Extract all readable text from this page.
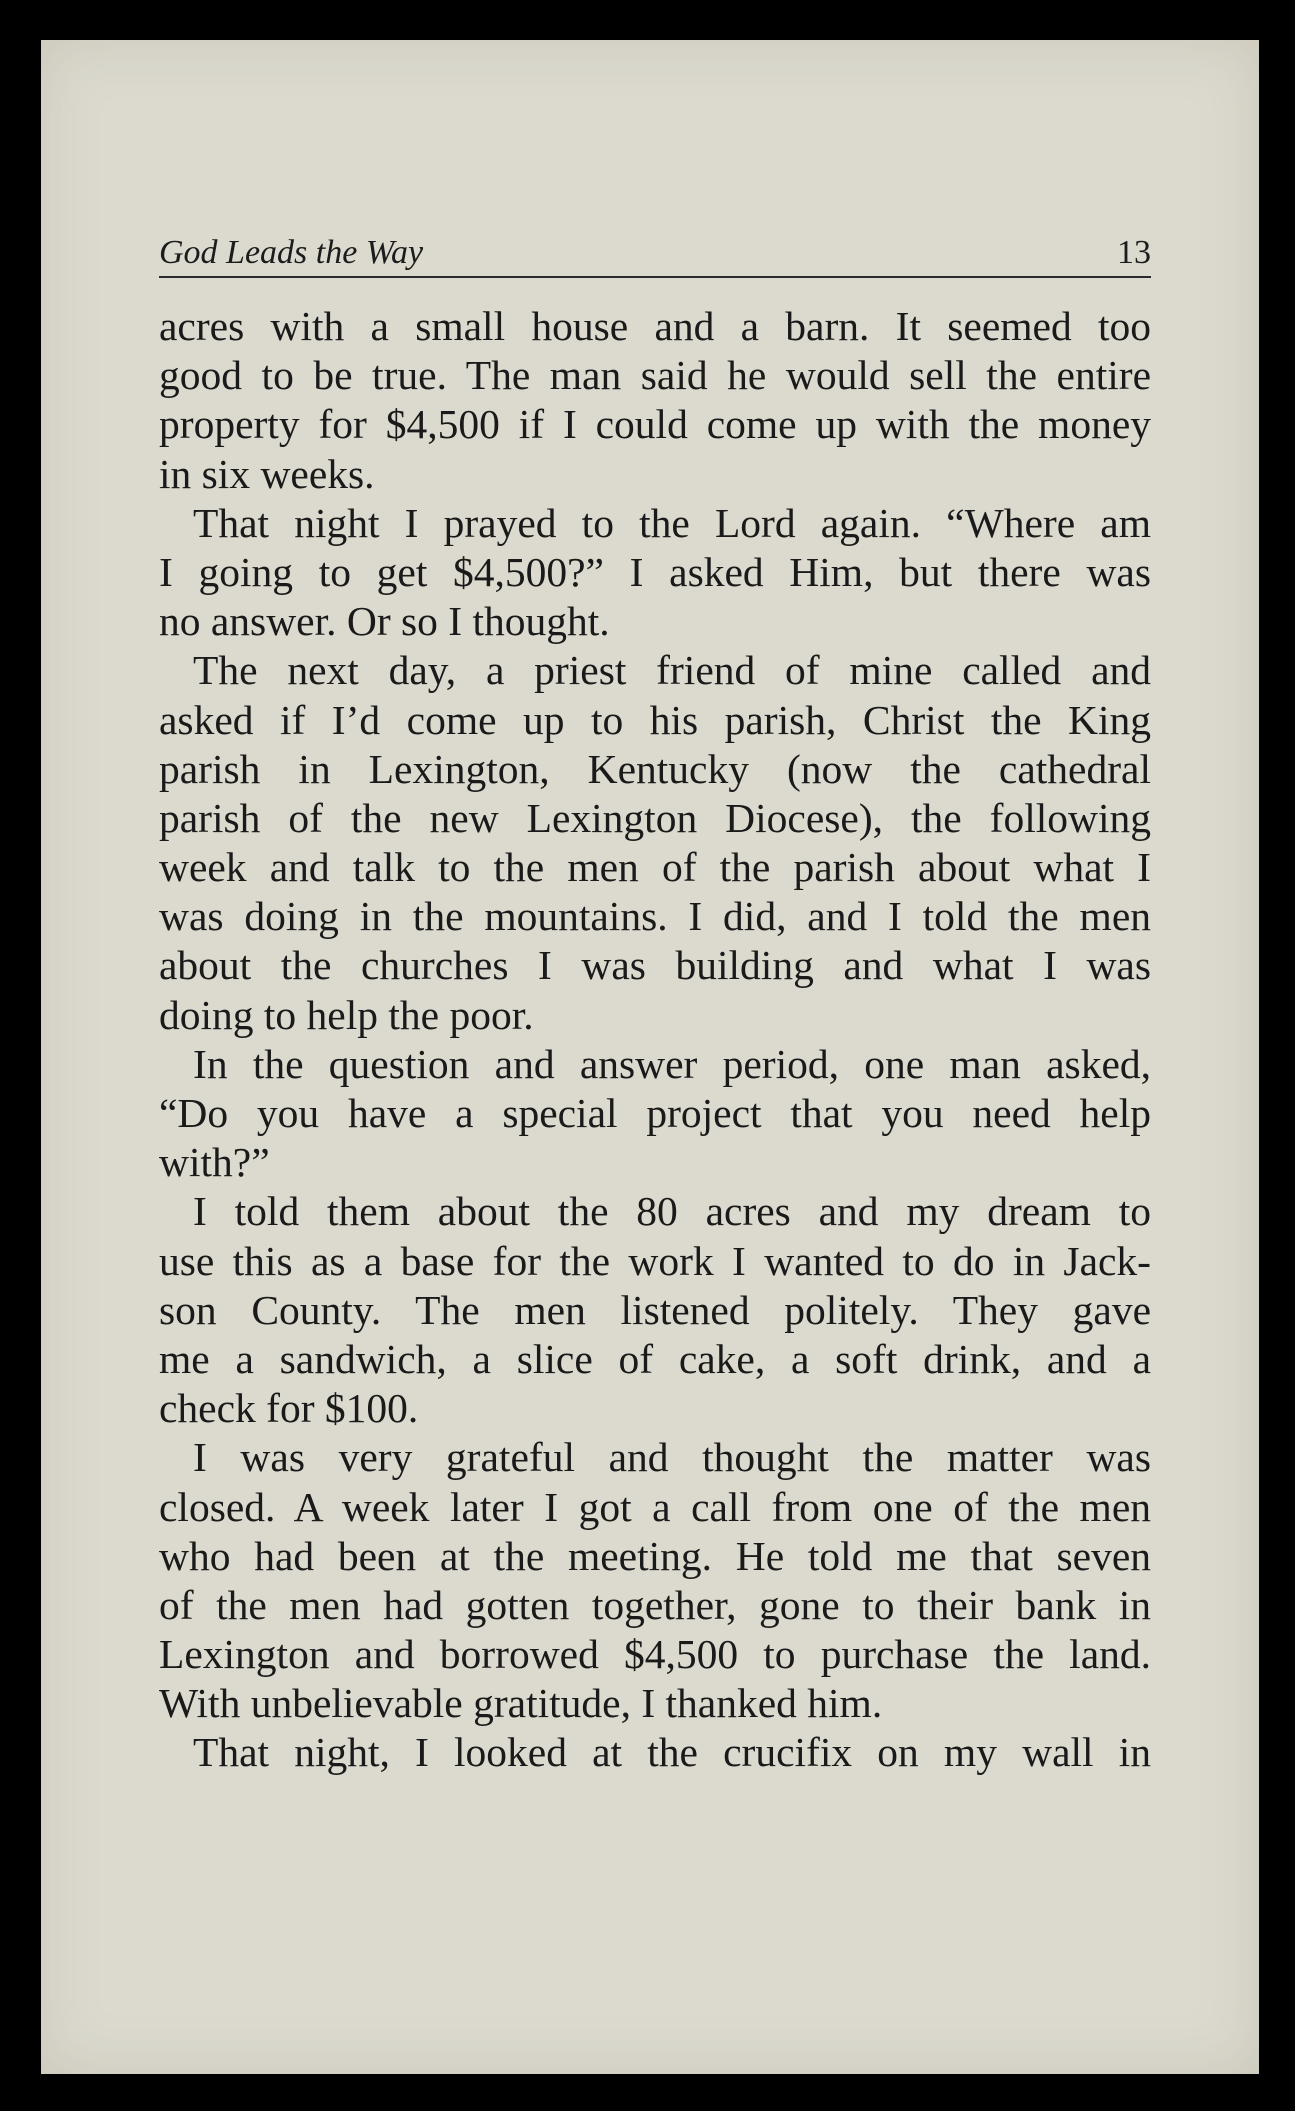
God Leads the Way	13
acres with a small house and a barn. It seemed too
good to be true. The man said he would sell the entire
property for $4,500 if I could come up with the money
in six weeks.
That night I prayed to the Lord again. “Where am
I going to get $4,500?” I asked Him, but there was
no answer. Or so I thought.
The next day, a priest friend of mine called and
asked if I’d come up to his parish, Christ the King
parish in Lexington, Kentucky (now the cathedral
parish of the new Lexington Diocese), the following
week and talk to the men of the parish about what I
was doing in the mountains. I did, and I told the men
about the churches I was building and what I was
doing to help the poor.
In the question and answer period, one man asked,
“Do you have a special project that you need help
with?”
I told them about the 80 acres and my dream to
use this as a base for the work I wanted to do in Jack-
son County. The men listened politely. They gave
me a sandwich, a slice of cake, a soft drink, and a
check for $100.
I was very grateful and thought the matter was
closed. A week later I got a call from one of the men
who had been at the meeting. He told me that seven
of the men had gotten together, gone to their bank in
Lexington and borrowed $4,500 to purchase the land.
With unbelievable gratitude, I thanked him.
That night, I looked at the crucifix on my wall in
